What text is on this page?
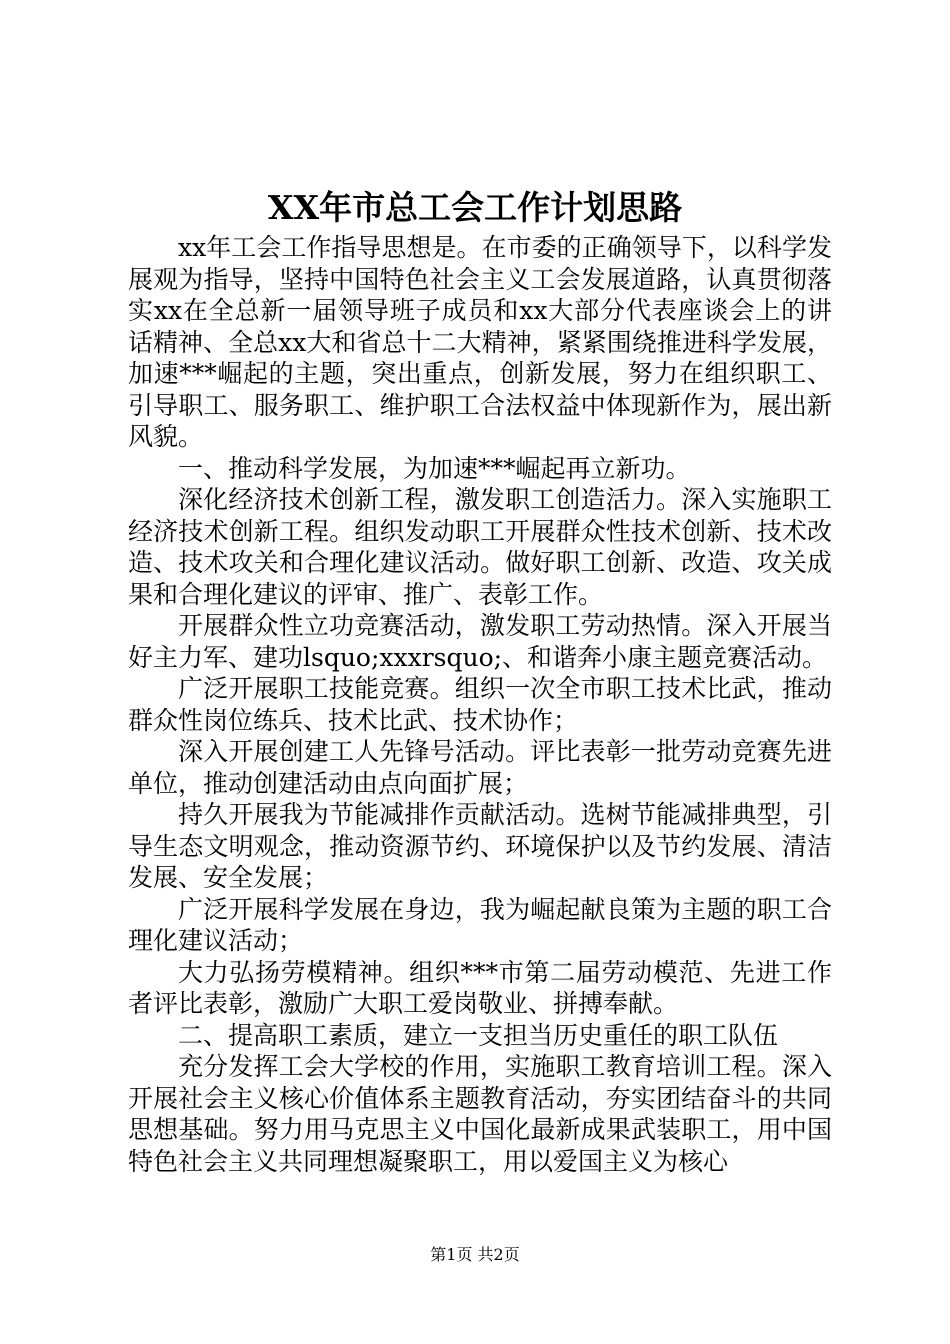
XX年市总工会工作计划思路

xx年工会工作指导思想是。在市委的正确领导下，以科学发展观为指导，坚持中国特色社会主义工会发展道路，认真贯彻落实xx在全总新一届领导班子成员和xx大部分代表座谈会上的讲话精神、全总xx大和省总十二大精神，紧紧围绕推进科学发展，加速***崛起的主题，突出重点，创新发展，努力在组织职工、引导职工、服务职工、维护职工合法权益中体现新作为，展出新风貌。

一、推动科学发展，为加速***崛起再立新功。

深化经济技术创新工程，激发职工创造活力。深入实施职工经济技术创新工程。组织发动职工开展群众性技术创新、技术改造、技术攻关和合理化建议活动。做好职工创新、改造、攻关成果和合理化建议的评审、推广、表彰工作。

开展群众性立功竞赛活动，激发职工劳动热情。深入开展当好主力军、建功lsquo;xxxrsquo;、和谐奔小康主题竞赛活动。

广泛开展职工技能竞赛。组织一次全市职工技术比武，推动群众性岗位练兵、技术比武、技术协作；

深入开展创建工人先锋号活动。评比表彰一批劳动竞赛先进单位，推动创建活动由点向面扩展；

持久开展我为节能减排作贡献活动。选树节能减排典型，引导生态文明观念，推动资源节约、环境保护以及节约发展、清洁发展、安全发展；

广泛开展科学发展在身边，我为崛起献良策为主题的职工合理化建议活动；

大力弘扬劳模精神。组织***市第二届劳动模范、先进工作者评比表彰，激励广大职工爱岗敬业、拼搏奉献。

二、提高职工素质，建立一支担当历史重任的职工队伍

充分发挥工会大学校的作用，实施职工教育培训工程。深入开展社会主义核心价值体系主题教育活动，夯实团结奋斗的共同思想基础。努力用马克思主义中国化最新成果武装职工，用中国特色社会主义共同理想凝聚职工，用以爱国主义为核心

第1页 共2页
